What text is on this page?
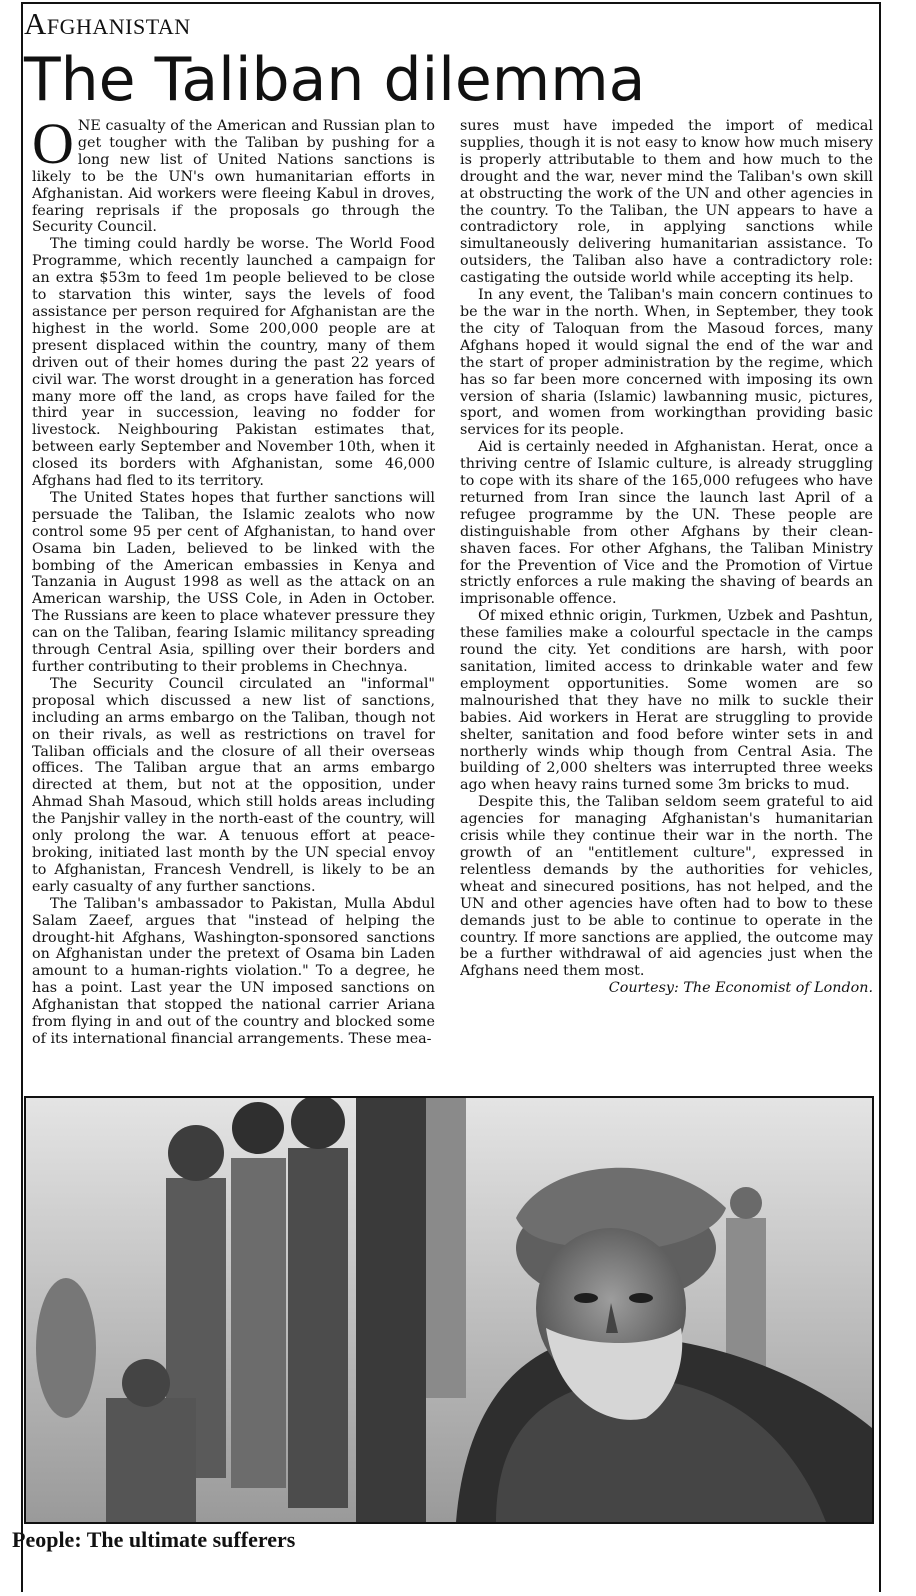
Afghanistan
The Taliban dilemma

ONE casualty of the American and Russian plan to get tougher with the Taliban by pushing for a long new list of United Nations sanctions is likely to be the UN's own humanitarian efforts in Afghanistan. Aid workers were fleeing Kabul in droves, fearing reprisals if the proposals go through the Security Council.

The timing could hardly be worse. The World Food Programme, which recently launched a campaign for an extra $53m to feed 1m people believed to be close to starvation this winter, says the levels of food assistance per person required for Afghanistan are the highest in the world. Some 200,000 people are at present displaced within the country, many of them driven out of their homes during the past 22 years of civil war. The worst drought in a generation has forced many more off the land, as crops have failed for the third year in succession, leaving no fodder for livestock. Neighbouring Pakistan estimates that, between early September and November 10th, when it closed its borders with Afghanistan, some 46,000 Afghans had fled to its territory.

The United States hopes that further sanctions will persuade the Taliban, the Islamic zealots who now control some 95 per cent of Afghanistan, to hand over Osama bin Laden, believed to be linked with the bombing of the American embassies in Kenya and Tanzania in August 1998 as well as the attack on an American warship, the USS Cole, in Aden in October. The Russians are keen to place whatever pressure they can on the Taliban, fearing Islamic militancy spreading through Central Asia, spilling over their borders and further contributing to their problems in Chechnya.

The Security Council circulated an "informal" proposal which discussed a new list of sanctions, including an arms embargo on the Taliban, though not on their rivals, as well as restrictions on travel for Taliban officials and the closure of all their overseas offices. The Taliban argue that an arms embargo directed at them, but not at the opposition, under Ahmad Shah Masoud, which still holds areas including the Panjshir valley in the north-east of the country, will only prolong the war. A tenuous effort at peace-broking, initiated last month by the UN special envoy to Afghanistan, Francesh Vendrell, is likely to be an early casualty of any further sanctions.

The Taliban's ambassador to Pakistan, Mulla Abdul Salam Zaeef, argues that "instead of helping the drought-hit Afghans, Washington-sponsored sanctions on Afghanistan under the pretext of Osama bin Laden amount to a human-rights violation." To a degree, he has a point. Last year the UN imposed sanctions on Afghanistan that stopped the national carrier Ariana from flying in and out of the country and blocked some of its international financial arrangements. These mea-

sures must have impeded the import of medical supplies, though it is not easy to know how much misery is properly attributable to them and how much to the drought and the war, never mind the Taliban's own skill at obstructing the work of the UN and other agencies in the country. To the Taliban, the UN appears to have a contradictory role, in applying sanctions while simultaneously delivering humanitarian assistance. To outsiders, the Taliban also have a contradictory role: castigating the outside world while accepting its help.

In any event, the Taliban's main concern continues to be the war in the north. When, in September, they took the city of Taloquan from the Masoud forces, many Afghans hoped it would signal the end of the war and the start of proper administration by the regime, which has so far been more concerned with imposing its own version of sharia (Islamic) lawbanning music, pictures, sport, and women from workingthan providing basic services for its people.

Aid is certainly needed in Afghanistan. Herat, once a thriving centre of Islamic culture, is already struggling to cope with its share of the 165,000 refugees who have returned from Iran since the launch last April of a refugee programme by the UN. These people are distinguishable from other Afghans by their clean-shaven faces. For other Afghans, the Taliban Ministry for the Prevention of Vice and the Promotion of Virtue strictly enforces a rule making the shaving of beards an imprisonable offence.

Of mixed ethnic origin, Turkmen, Uzbek and Pashtun, these families make a colourful spectacle in the camps round the city. Yet conditions are harsh, with poor sanitation, limited access to drinkable water and few employment opportunities. Some women are so malnourished that they have no milk to suckle their babies. Aid workers in Herat are struggling to provide shelter, sanitation and food before winter sets in and northerly winds whip though from Central Asia. The building of 2,000 shelters was interrupted three weeks ago when heavy rains turned some 3m bricks to mud.

Despite this, the Taliban seldom seem grateful to aid agencies for managing Afghanistan's humanitarian crisis while they continue their war in the north. The growth of an "entitlement culture", expressed in relentless demands by the authorities for vehicles, wheat and sinecured positions, has not helped, and the UN and other agencies have often had to bow to these demands just to be able to continue to operate in the country. If more sanctions are applied, the outcome may be a further withdrawal of aid agencies just when the Afghans need them most.

Courtesy: The Economist of London.

People: The ultimate sufferers
